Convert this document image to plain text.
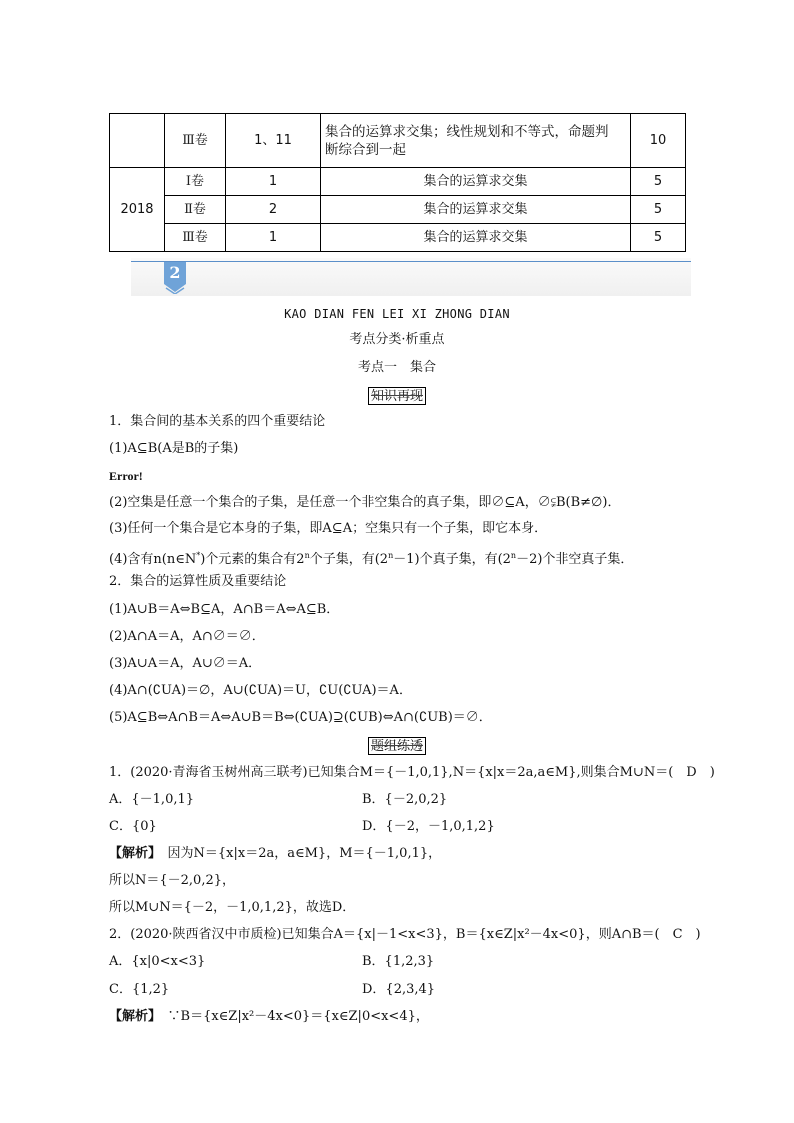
	Ⅲ卷	1、11	集合的运算求交集；线性规划和不等式，命题判
断综合到一起	10
2018	Ⅰ卷	1	集合的运算求交集	5
	Ⅱ卷	2	集合的运算求交集	5
	Ⅲ卷	1	集合的运算求交集	5
2
KAO DIAN FEN LEI XI ZHONG DIAN
考点分类·析重点
考点一　集合
知识再现
1．集合间的基本关系的四个重要结论
(1)A⊆B(A是B的子集)
Error!
(2)空集是任意一个集合的子集，是任意一个非空集合的真子集，即∅⊆A，∅⫋B(B≠∅)．
(3)任何一个集合是它本身的子集，即A⊆A；空集只有一个子集，即它本身．
(4)含有n(n∈N*)个元素的集合有2$^n$个子集，有$(2^n-1)$个真子集，有$(2^n-2)$个非空真子集．
2．集合的运算性质及重要结论
(1)A∪B＝A⇔B⊆A，A∩B＝A⇔A⊆B．
(2)A∩A＝A，A∩∅＝∅．
(3)A∪A＝A，A∪∅＝A．
(4)A∩(∁UA)＝∅，A∪(∁UA)＝U，∁U(∁UA)＝A．
(5)A⊆B⇔A∩B＝A⇔A∪B＝B⇔(∁UA)⊇(∁UB)⇔A∩(∁UB)＝∅．
题组练透
1．(2020·青海省玉树州高三联考)已知集合M＝{－1,0,1},N＝{x|x＝2a,a∈M},则集合M∪N＝(　D　)
A．{－1,0,1}	B．{－2,0,2}
C．{0}	D．{－2，－1,0,1,2}
【解析】　 因为N＝{x|x＝2a，a∈M}，M＝{－1,0,1}，
所以N＝{－2,0,2}，
所以M∪N＝{－2，－1,0,1,2}，故选D．
2．(2020·陕西省汉中市质检)已知集合A＝{x|－1<x<3}，B＝{x∈Z|x²－4x<0}，则A∩B＝(　C　)
A．{x|0<x<3}	B．{1,2,3}
C．{1,2}	D．{2,3,4}
【解析】　 ∵B＝{x∈Z|x²－4x<0}＝{x∈Z|0<x<4}，
